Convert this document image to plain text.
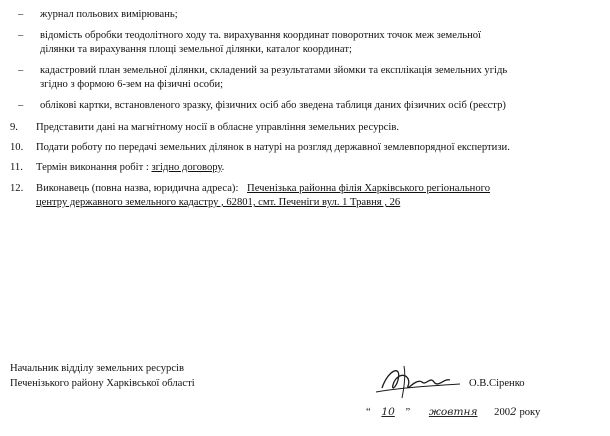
– журнал польових вимірювань;
– відомість обробки теодолітного ходу та. вирахування координат поворотних точок меж земельної
ділянки та вирахування площі земельної ділянки, каталог координат;
– кадастровий план земельної ділянки, складений за результатами зйомки та експлікація земельних угідь
згідно з формою 6-зем на фізичні особи;
– облікові картки, встановленого зразку, фізичних осіб або зведена таблиця даних фізичних осіб (реєстр)
9. Представити дані на магнітному носії в обласне управління земельних ресурсів.
10. Подати роботу по передачі земельних ділянок в натурі на розгляд державної землевпорядної експертизи.
11. Термін виконання робіт : згідно договору.
12. Виконавець (повна назва, юридична адреса): Печенізька районна філія Харківського регіонального
центру державного земельного кадастру , 62801, смт. Печеніги вул. 1 Травня , 26
Начальник відділу земельних ресурсів
Печенізького району Харківської області	О.В.Сіренко
“ 10 ” жовтня 2002 року
